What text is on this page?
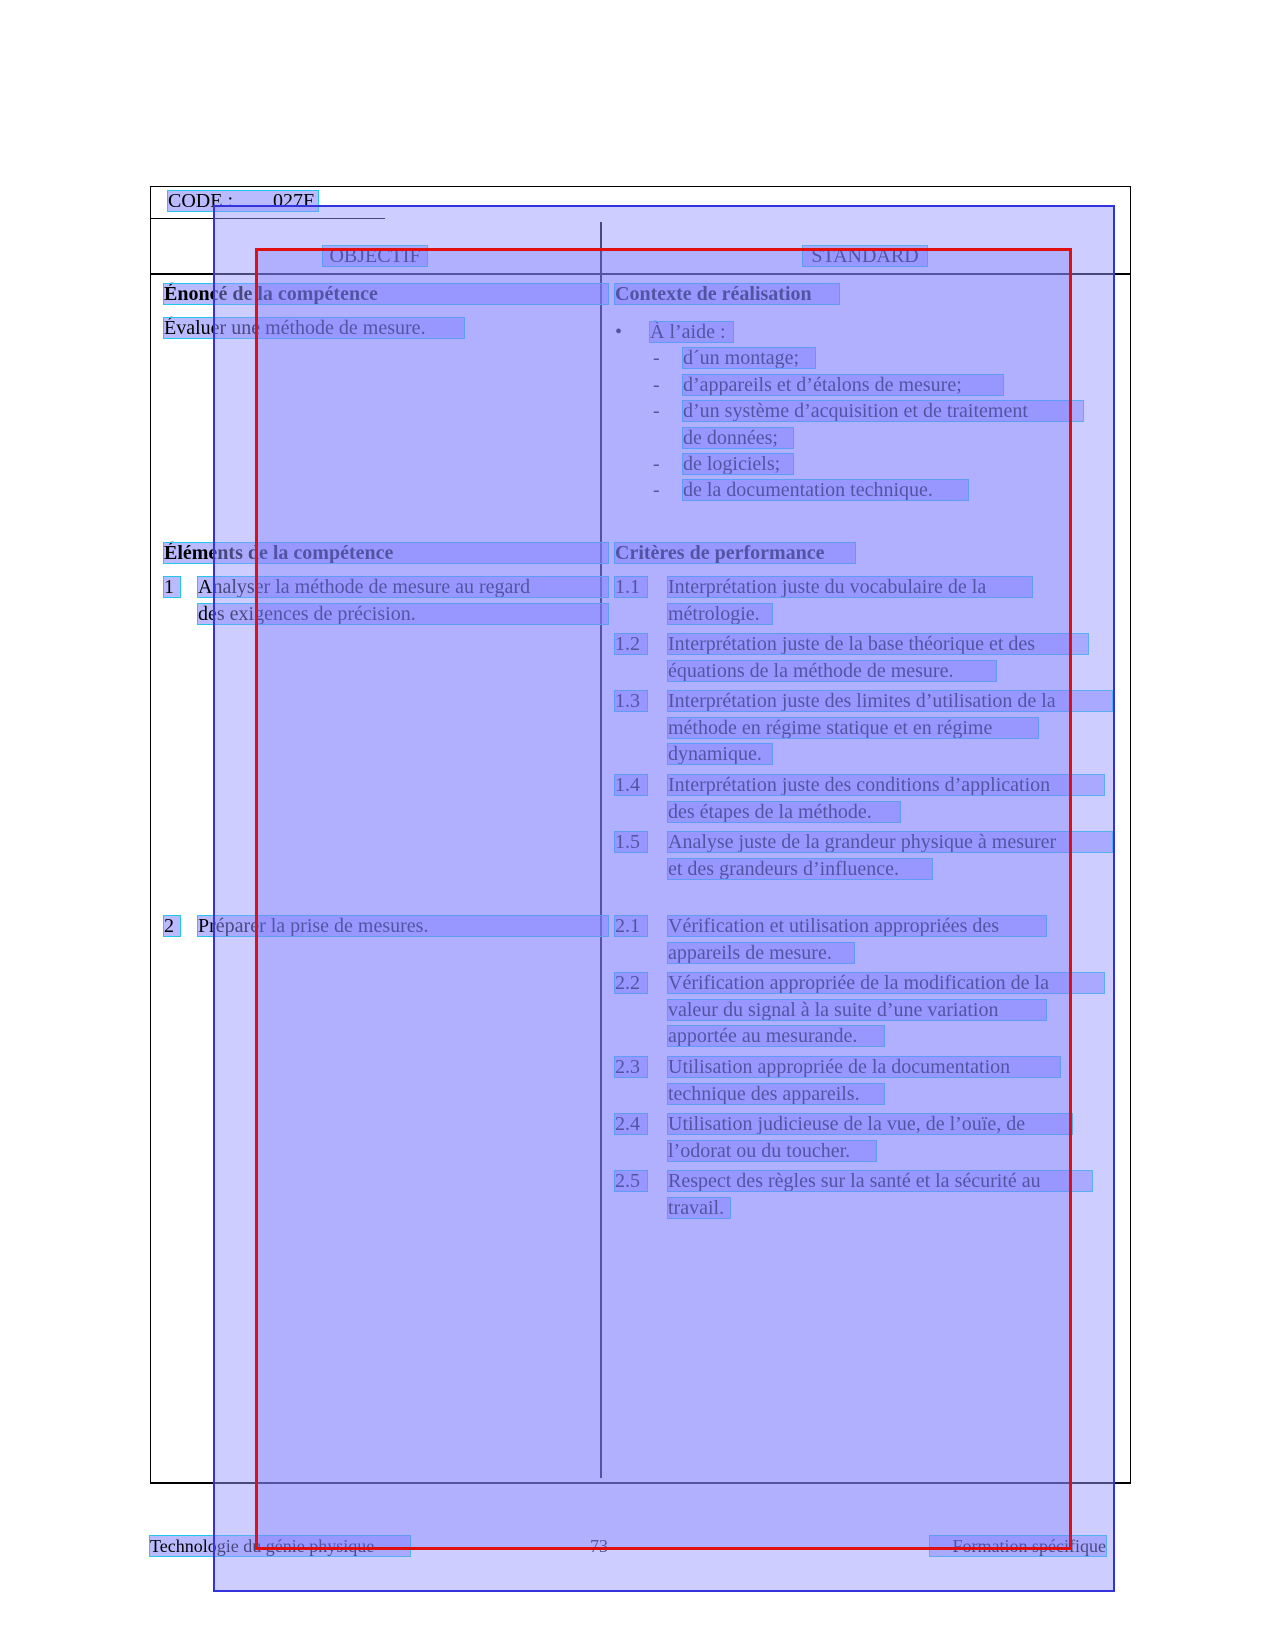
CODE : 027F
OBJECTIF	STANDARD
Énoncé de la compétence
Évaluer une méthode de mesure.
Éléments de la compétence
1	Analyser la méthode de mesure au regard
des exigences de précision.
2	Préparer la prise de mesures.
Contexte de réalisation
• À l’aide :
- d´un montage;
- d’appareils et d’étalons de mesure;
- d’un système d’acquisition et de traitement
de données;
- de logiciels;
- de la documentation technique.
Critères de performance
1.1	Interprétation juste du vocabulaire de la
métrologie.
1.2	Interprétation juste de la base théorique et des
équations de la méthode de mesure.
1.3	Interprétation juste des limites d’utilisation de la
méthode en régime statique et en régime
dynamique.
1.4	Interprétation juste des conditions d’application
des étapes de la méthode.
1.5	Analyse juste de la grandeur physique à mesurer
et des grandeurs d’influence.
2.1	Vérification et utilisation appropriées des
appareils de mesure.
2.2	Vérification appropriée de la modification de la
valeur du signal à la suite d’une variation
apportée au mesurande.
2.3	Utilisation appropriée de la documentation
technique des appareils.
2.4	Utilisation judicieuse de la vue, de l’ouïe, de
l’odorat ou du toucher.
2.5	Respect des règles sur la santé et la sécurité au
travail.
Technologie du génie physique	73	Formation spécifique
